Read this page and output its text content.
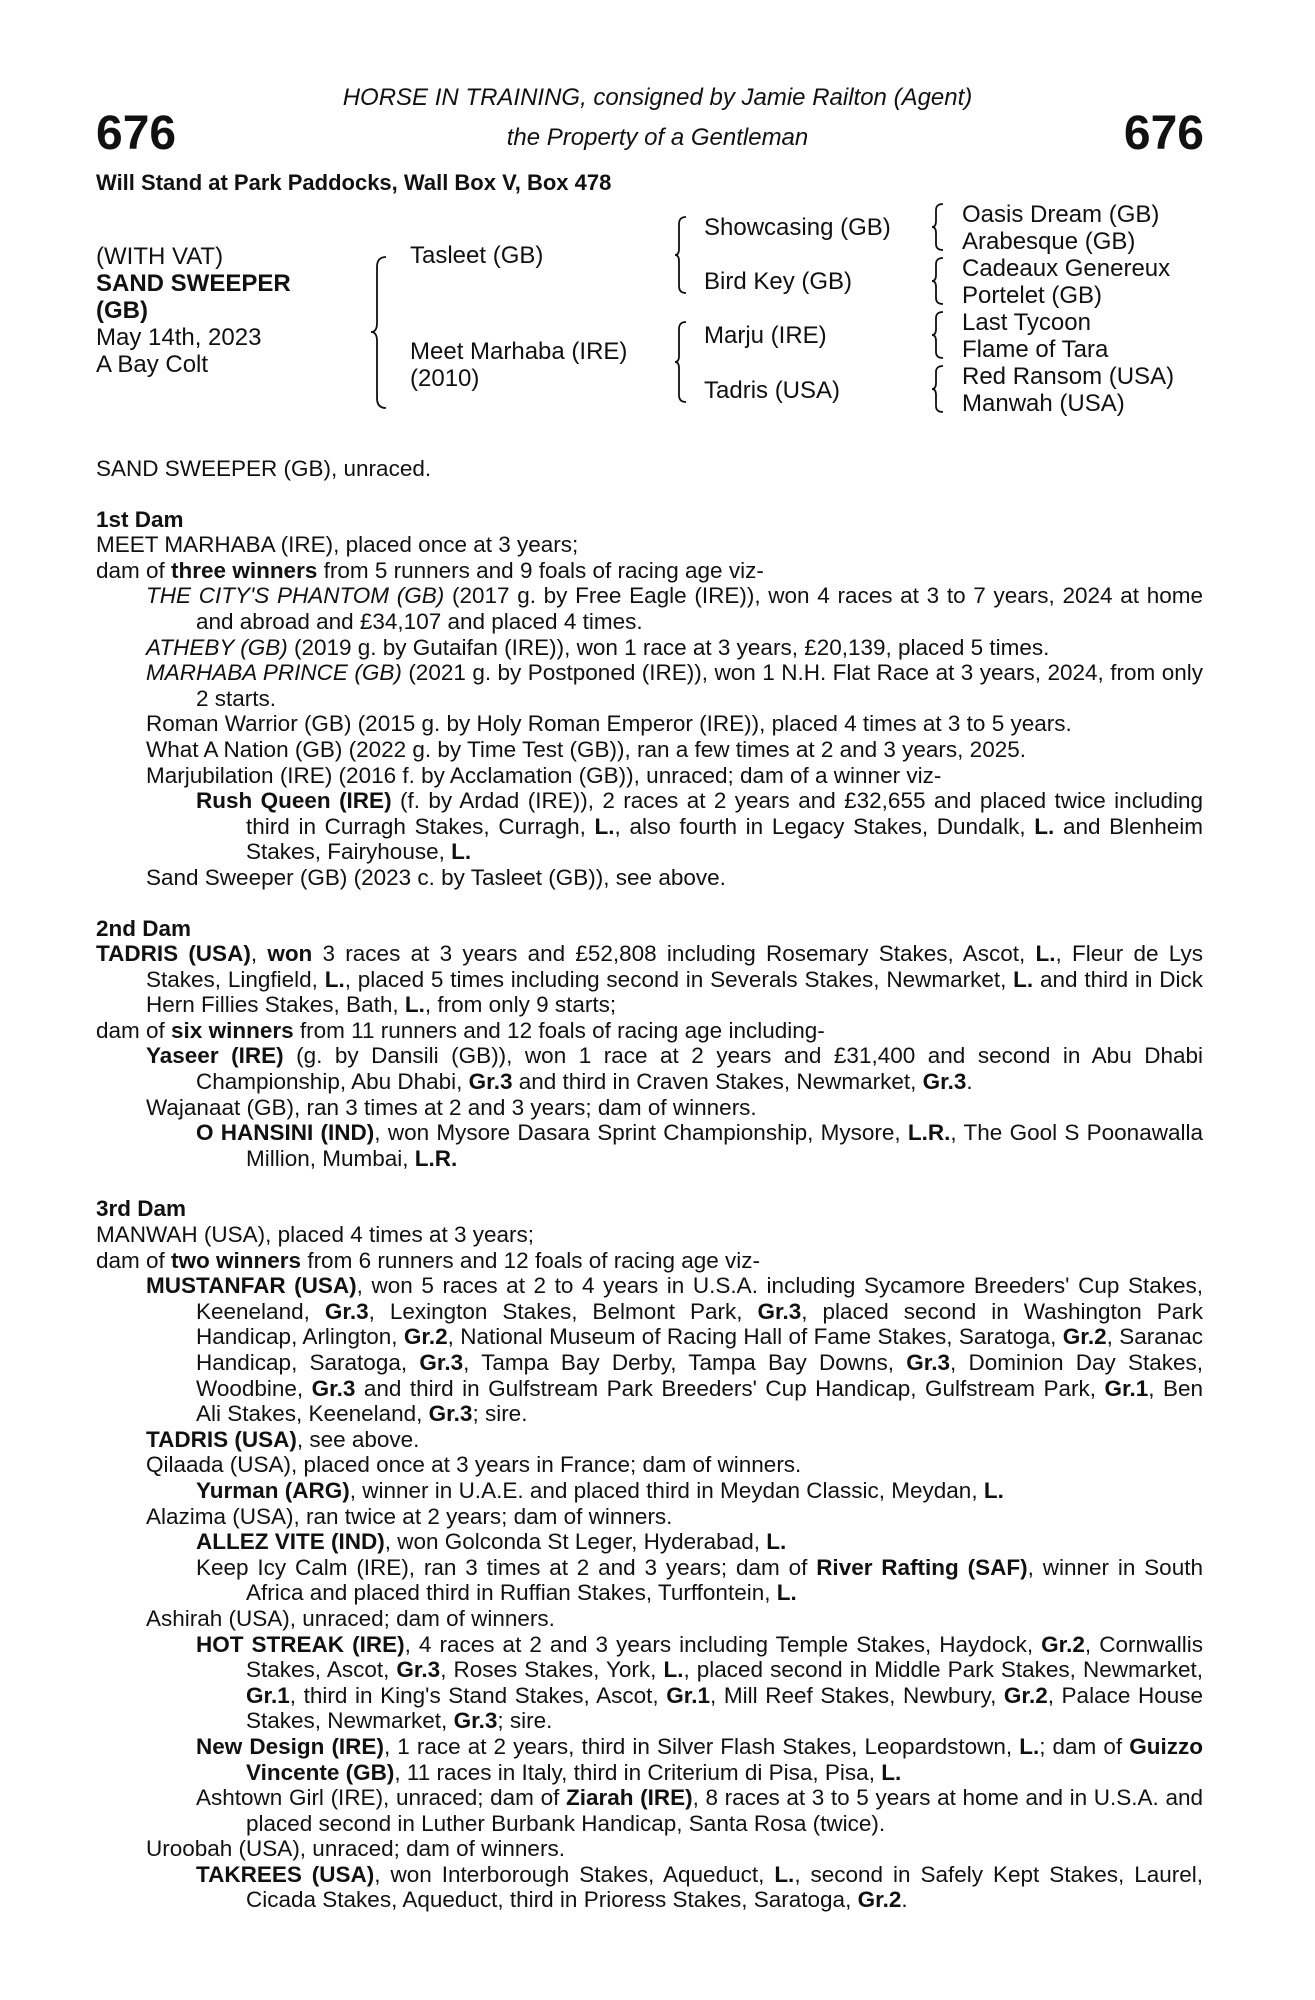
676	676
HORSE IN TRAINING, consigned by Jamie Railton (Agent)
the Property of a Gentleman
Will Stand at Park Paddocks, Wall Box V, Box 478
(WITH VAT)
SAND SWEEPER
(GB)
May 14th, 2023
A Bay Colt
Tasleet (GB)
Meet Marhaba (IRE)
(2010)
Showcasing (GB)
Bird Key (GB)
Marju (IRE)
Tadris (USA)
Oasis Dream (GB)
Arabesque (GB)
Cadeaux Genereux
Portelet (GB)
Last Tycoon
Flame of Tara
Red Ransom (USA)
Manwah (USA)

SAND SWEEPER (GB), unraced.

1st Dam

MEET MARHABA (IRE), placed once at 3 years;

dam of three winners from 5 runners and 9 foals of racing age viz-

THE CITY'S PHANTOM (GB) (2017 g. by Free Eagle (IRE)), won 4 races at 3 to 7 years, 2024 at home and abroad and £34,107 and placed 4 times.

ATHEBY (GB) (2019 g. by Gutaifan (IRE)), won 1 race at 3 years, £20,139, placed 5 times.

MARHABA PRINCE (GB) (2021 g. by Postponed (IRE)), won 1 N.H. Flat Race at 3 years, 2024, from only 2 starts.

Roman Warrior (GB) (2015 g. by Holy Roman Emperor (IRE)), placed 4 times at 3 to 5 years.

What A Nation (GB) (2022 g. by Time Test (GB)), ran a few times at 2 and 3 years, 2025.

Marjubilation (IRE) (2016 f. by Acclamation (GB)), unraced; dam of a winner viz-

Rush Queen (IRE) (f. by Ardad (IRE)), 2 races at 2 years and £32,655 and placed twice including third in Curragh Stakes, Curragh, L., also fourth in Legacy Stakes, Dundalk, L. and Blenheim Stakes, Fairyhouse, L.

Sand Sweeper (GB) (2023 c. by Tasleet (GB)), see above.

2nd Dam

TADRIS (USA), won 3 races at 3 years and £52,808 including Rosemary Stakes, Ascot, L., Fleur de Lys Stakes, Lingfield, L., placed 5 times including second in Severals Stakes, Newmarket, L. and third in Dick Hern Fillies Stakes, Bath, L., from only 9 starts;

dam of six winners from 11 runners and 12 foals of racing age including-

Yaseer (IRE) (g. by Dansili (GB)), won 1 race at 2 years and £31,400 and second in Abu Dhabi Championship, Abu Dhabi, Gr.3 and third in Craven Stakes, Newmarket, Gr.3.

Wajanaat (GB), ran 3 times at 2 and 3 years; dam of winners.

O HANSINI (IND), won Mysore Dasara Sprint Championship, Mysore, L.R., The Gool S Poonawalla Million, Mumbai, L.R.

3rd Dam

MANWAH (USA), placed 4 times at 3 years;

dam of two winners from 6 runners and 12 foals of racing age viz-

MUSTANFAR (USA), won 5 races at 2 to 4 years in U.S.A. including Sycamore Breeders' Cup Stakes, Keeneland, Gr.3, Lexington Stakes, Belmont Park, Gr.3, placed second in Washington Park Handicap, Arlington, Gr.2, National Museum of Racing Hall of Fame Stakes, Saratoga, Gr.2, Saranac Handicap, Saratoga, Gr.3, Tampa Bay Derby, Tampa Bay Downs, Gr.3, Dominion Day Stakes, Woodbine, Gr.3 and third in Gulfstream Park Breeders' Cup Handicap, Gulfstream Park, Gr.1, Ben Ali Stakes, Keeneland, Gr.3; sire.

TADRIS (USA), see above.

Qilaada (USA), placed once at 3 years in France; dam of winners.

Yurman (ARG), winner in U.A.E. and placed third in Meydan Classic, Meydan, L.

Alazima (USA), ran twice at 2 years; dam of winners.

ALLEZ VITE (IND), won Golconda St Leger, Hyderabad, L.

Keep Icy Calm (IRE), ran 3 times at 2 and 3 years; dam of River Rafting (SAF), winner in South Africa and placed third in Ruffian Stakes, Turffontein, L.

Ashirah (USA), unraced; dam of winners.

HOT STREAK (IRE), 4 races at 2 and 3 years including Temple Stakes, Haydock, Gr.2, Cornwallis Stakes, Ascot, Gr.3, Roses Stakes, York, L., placed second in Middle Park Stakes, Newmarket, Gr.1, third in King's Stand Stakes, Ascot, Gr.1, Mill Reef Stakes, Newbury, Gr.2, Palace House Stakes, Newmarket, Gr.3; sire.

New Design (IRE), 1 race at 2 years, third in Silver Flash Stakes, Leopardstown, L.; dam of Guizzo Vincente (GB), 11 races in Italy, third in Criterium di Pisa, Pisa, L.

Ashtown Girl (IRE), unraced; dam of Ziarah (IRE), 8 races at 3 to 5 years at home and in U.S.A. and placed second in Luther Burbank Handicap, Santa Rosa (twice).

Uroobah (USA), unraced; dam of winners.

TAKREES (USA), won Interborough Stakes, Aqueduct, L., second in Safely Kept Stakes, Laurel, Cicada Stakes, Aqueduct, third in Prioress Stakes, Saratoga, Gr.2.
